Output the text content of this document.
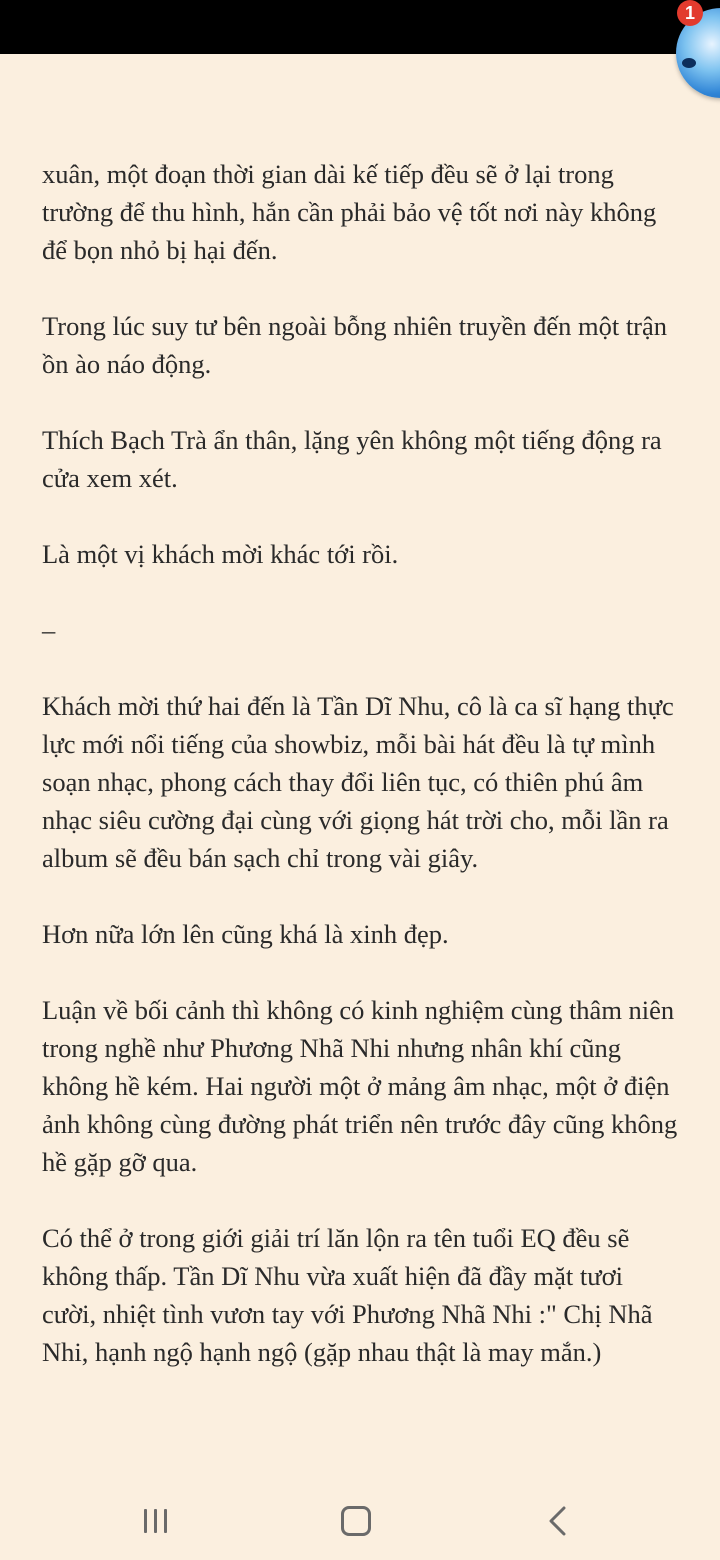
1

xuân, một đoạn thời gian dài kế tiếp đều sẽ ở lại trong trường để thu hình, hắn cần phải bảo vệ tốt nơi này không để bọn nhỏ bị hại đến.

Trong lúc suy tư bên ngoài bỗng nhiên truyền đến một trận ồn ào náo động.

Thích Bạch Trà ẩn thân, lặng yên không một tiếng động ra cửa xem xét.

Là một vị khách mời khác tới rồi.

–

Khách mời thứ hai đến là Tần Dĩ Nhu, cô là ca sĩ hạng thực lực mới nổi tiếng của showbiz, mỗi bài hát đều là tự mình soạn nhạc, phong cách thay đổi liên tục, có thiên phú âm nhạc siêu cường đại cùng với giọng hát trời cho, mỗi lần ra album sẽ đều bán sạch chỉ trong vài giây.

Hơn nữa lớn lên cũng khá là xinh đẹp.

Luận về bối cảnh thì không có kinh nghiệm cùng thâm niên trong nghề như Phương Nhã Nhi nhưng nhân khí cũng không hề kém. Hai người một ở mảng âm nhạc, một ở điện ảnh không cùng đường phát triển nên trước đây cũng không hề gặp gỡ qua.

Có thể ở trong giới giải trí lăn lộn ra tên tuổi EQ đều sẽ không thấp. Tần Dĩ Nhu vừa xuất hiện đã đầy mặt tươi cười, nhiệt tình vươn tay với Phương Nhã Nhi :" Chị Nhã Nhi, hạnh ngộ hạnh ngộ (gặp nhau thật là may mắn.)
